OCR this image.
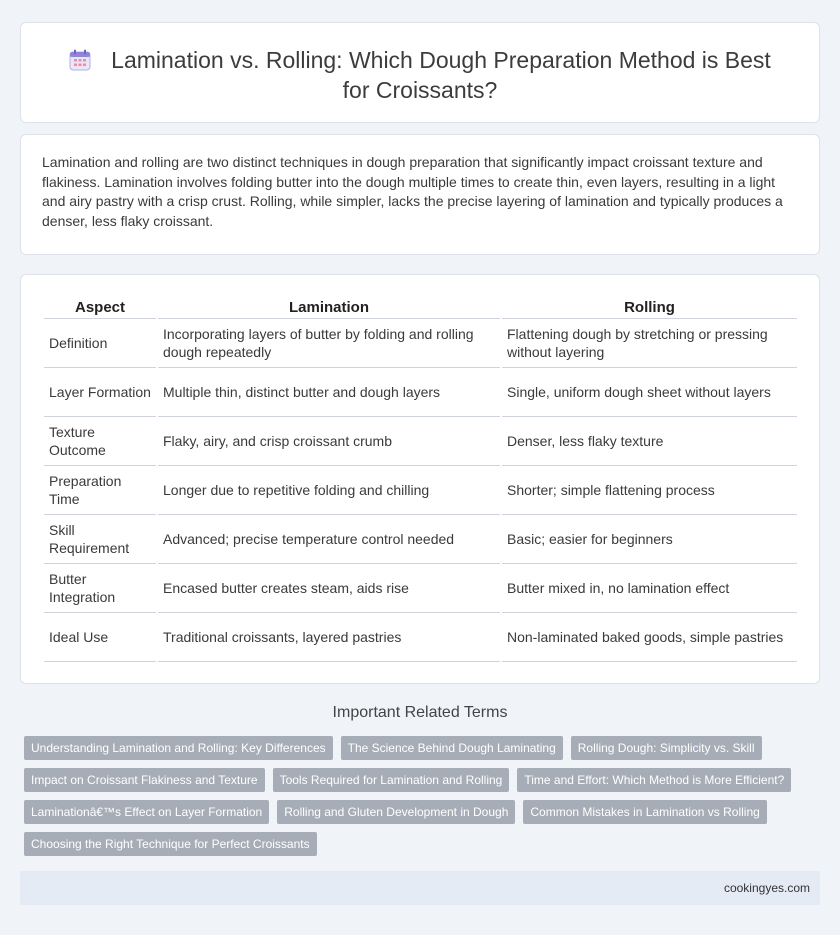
Lamination vs. Rolling: Which Dough Preparation Method is Best for Croissants?

Lamination and rolling are two distinct techniques in dough preparation that significantly impact croissant texture and flakiness. Lamination involves folding butter into the dough multiple times to create thin, even layers, resulting in a light and airy pastry with a crisp crust. Rolling, while simpler, lacks the precise layering of lamination and typically produces a denser, less flaky croissant.

Aspect	Lamination	Rolling
Definition	Incorporating layers of butter by folding and rolling dough repeatedly	Flattening dough by stretching or pressing without layering
Layer Formation	Multiple thin, distinct butter and dough layers	Single, uniform dough sheet without layers
Texture Outcome	Flaky, airy, and crisp croissant crumb	Denser, less flaky texture
Preparation Time	Longer due to repetitive folding and chilling	Shorter; simple flattening process
Skill Requirement	Advanced; precise temperature control needed	Basic; easier for beginners
Butter Integration	Encased butter creates steam, aids rise	Butter mixed in, no lamination effect
Ideal Use	Traditional croissants, layered pastries	Non-laminated baked goods, simple pastries
Important Related Terms
Understanding Lamination and Rolling: Key Differences	The Science Behind Dough Laminating	Rolling Dough: Simplicity vs. Skill
Impact on Croissant Flakiness and Texture	Tools Required for Lamination and Rolling	Time and Effort: Which Method is More Efficient?
Laminationâ€™s Effect on Layer Formation	Rolling and Gluten Development in Dough	Common Mistakes in Lamination vs Rolling
Choosing the Right Technique for Perfect Croissants
cookingyes.com
